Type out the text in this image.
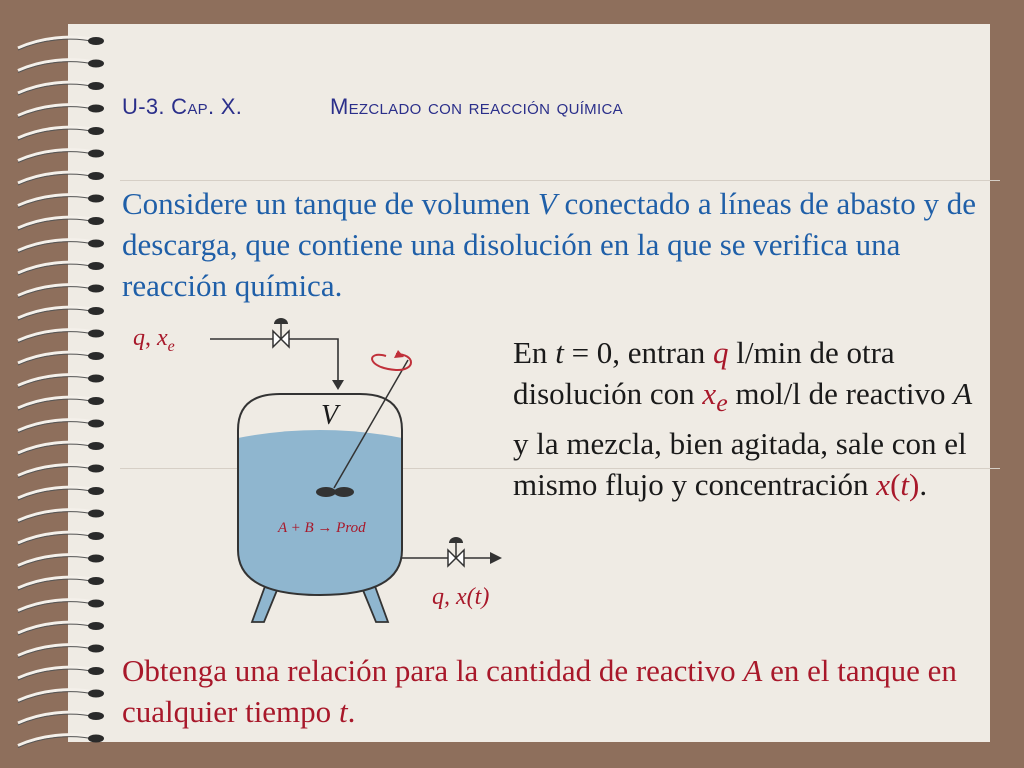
U-3. Cap. X.	Mezclado con reacción química

Considere un tanque de volumen V conectado a líneas de abasto y de descarga, que contiene una disolución en la que se verifica una reacción química.

En t = 0, entran q l/min de otra disolución con $x_e$ mol/l de reactivo A y la mezcla, bien agitada, sale con el mismo flujo y concentración x(t).

Obtenga una relación para la cantidad de reactivo A en el tanque en cualquier tiempo t.

q, $x_e$
V
A + B → Prod
q, x(t)
